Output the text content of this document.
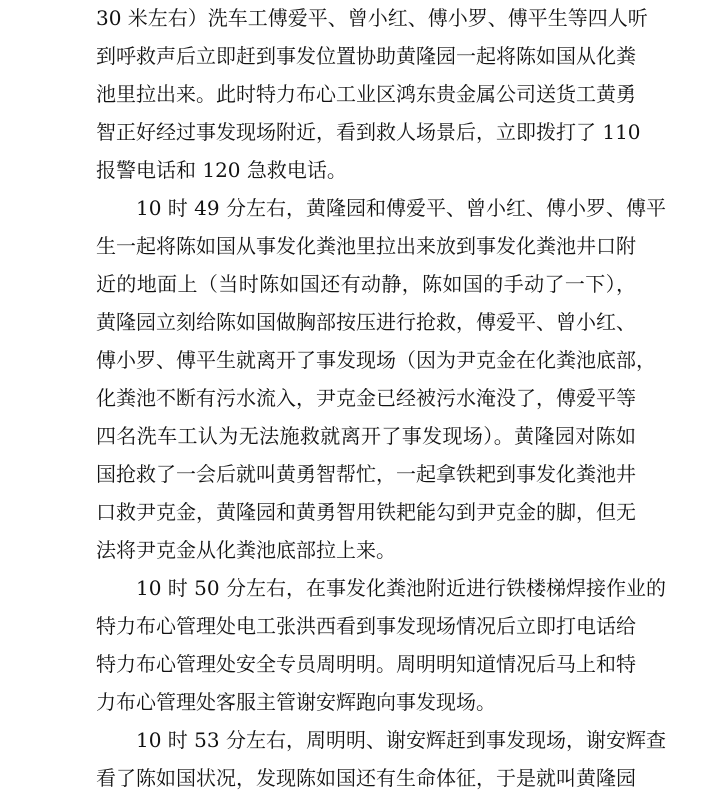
30 米左右）洗车工傅爱平、曾小红、傅小罗、傅平生等四人听
到呼救声后立即赶到事发位置协助黄隆园一起将陈如国从化粪
池里拉出来。此时特力布心工业区鸿东贵金属公司送货工黄勇
智正好经过事发现场附近，看到救人场景后，立即拨打了 110
报警电话和 120 急救电话。
10 时 49 分左右，黄隆园和傅爱平、曾小红、傅小罗、傅平
生一起将陈如国从事发化粪池里拉出来放到事发化粪池井口附
近的地面上（当时陈如国还有动静，陈如国的手动了一下），
黄隆园立刻给陈如国做胸部按压进行抢救，傅爱平、曾小红、
傅小罗、傅平生就离开了事发现场（因为尹克金在化粪池底部，
化粪池不断有污水流入，尹克金已经被污水淹没了，傅爱平等
四名洗车工认为无法施救就离开了事发现场）。黄隆园对陈如
国抢救了一会后就叫黄勇智帮忙，一起拿铁耙到事发化粪池井
口救尹克金，黄隆园和黄勇智用铁耙能勾到尹克金的脚，但无
法将尹克金从化粪池底部拉上来。
10 时 50 分左右，在事发化粪池附近进行铁楼梯焊接作业的
特力布心管理处电工张洪西看到事发现场情况后立即打电话给
特力布心管理处安全专员周明明。周明明知道情况后马上和特
力布心管理处客服主管谢安辉跑向事发现场。
10 时 53 分左右，周明明、谢安辉赶到事发现场，谢安辉查
看了陈如国状况，发现陈如国还有生命体征，于是就叫黄隆园
